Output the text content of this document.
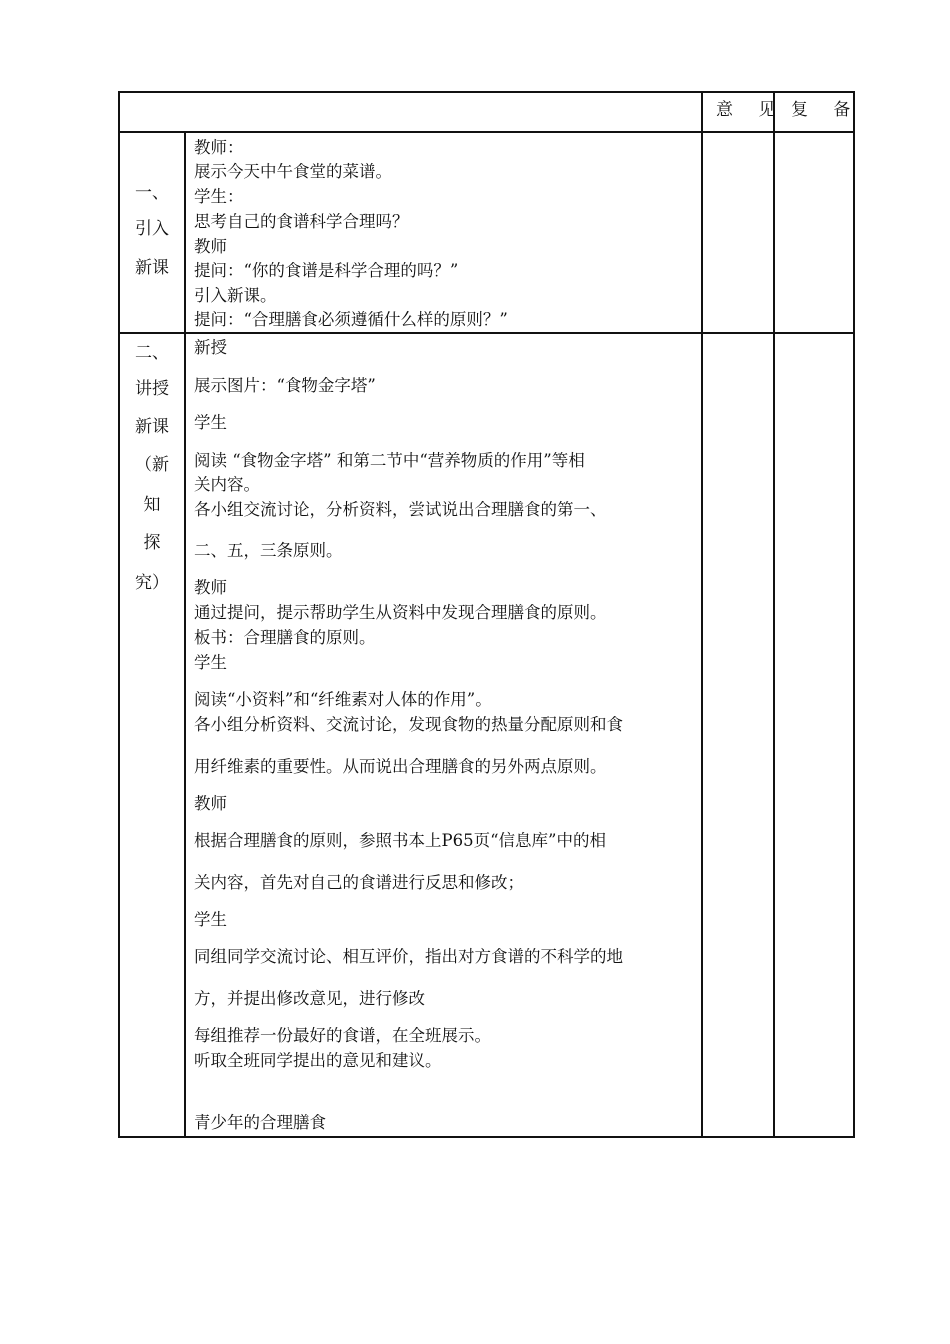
意 见 复 备
一、
引入
新课
教师：
展示今天中午食堂的菜谱。
学生：
思考自己的食谱科学合理吗？
教师
提问：“你的食谱是科学合理的吗？”
引入新课。
提问：“合理膳食必须遵循什么样的原则？”
二、
讲授
新课
（新
知
探
究）
新授
展示图片：“食物金字塔”
学生
阅读 “食物金字塔” 和第二节中“营养物质的作用”等相
关内容。
各小组交流讨论，分析资料，尝试说出合理膳食的第一、
二、五，三条原则。
教师
通过提问，提示帮助学生从资料中发现合理膳食的原则。
板书：合理膳食的原则。
学生
阅读“小资料”和“纤维素对人体的作用”。
各小组分析资料、交流讨论，发现食物的热量分配原则和食
用纤维素的重要性。从而说出合理膳食的另外两点原则。
教师
根据合理膳食的原则，参照书本上P65页“信息库”中的相
关内容，首先对自己的食谱进行反思和修改；
学生
同组同学交流讨论、相互评价，指出对方食谱的不科学的地
方，并提出修改意见，进行修改
每组推荐一份最好的食谱，在全班展示。
听取全班同学提出的意见和建议。
青少年的合理膳食
